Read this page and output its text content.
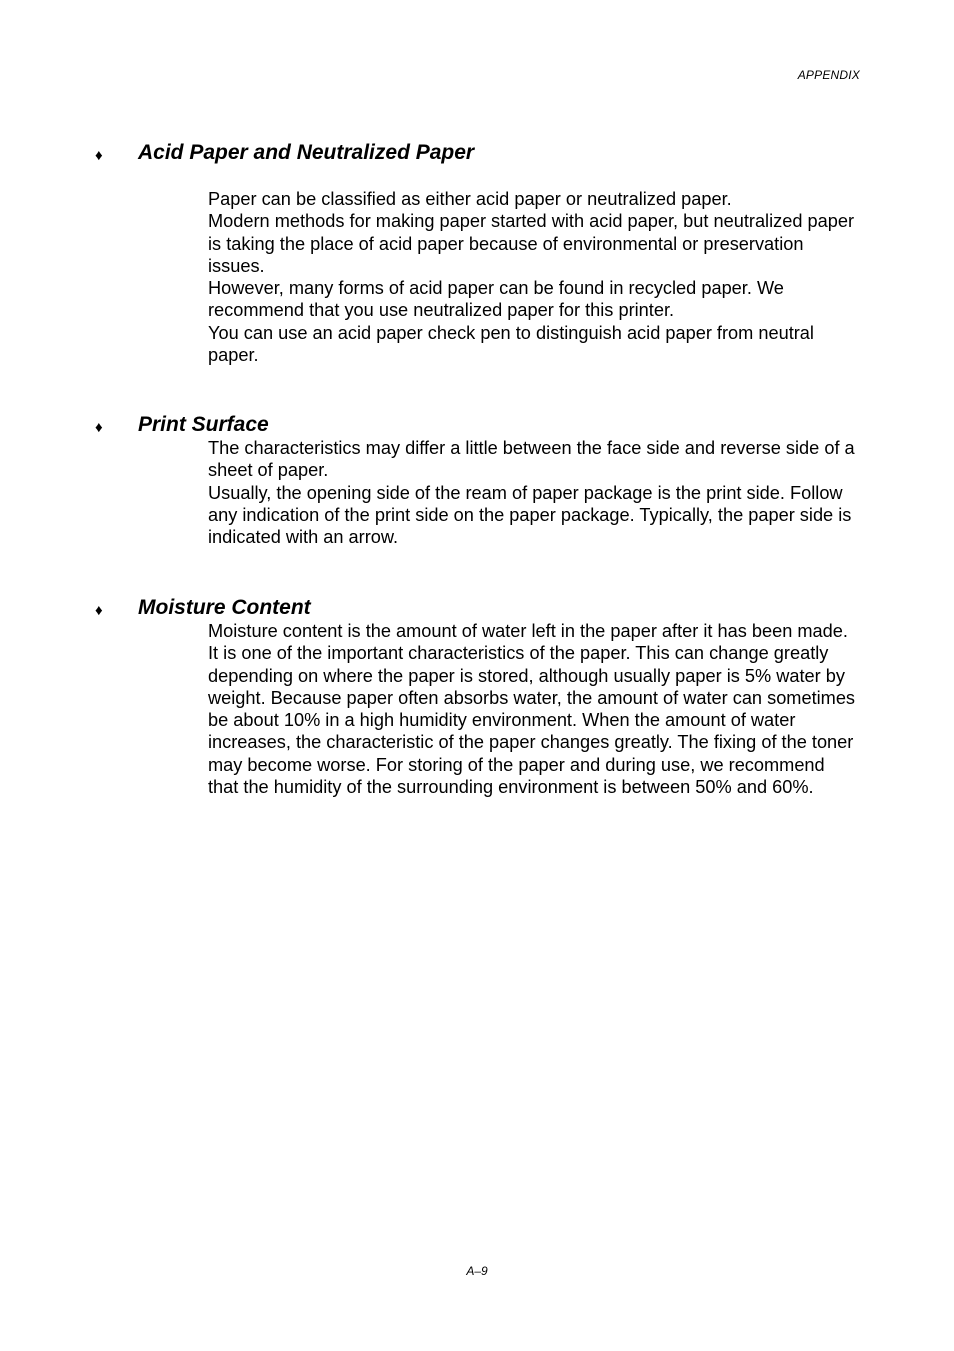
APPENDIX
♦ Acid Paper and Neutralized Paper

Paper can be classified as either acid paper or neutralized paper.

Modern methods for making paper started with acid paper, but neutralized paper is taking the place of acid paper because of environmental or preservation issues.

However, many forms of acid paper can be found in recycled paper. We recommend that you use neutralized paper for this printer.

You can use an acid paper check pen to distinguish acid paper from neutral paper.

♦ Print Surface

The characteristics may differ a little between the face side and reverse side of a sheet of paper.

Usually, the opening side of the ream of paper package is the print side. Follow any indication of the print side on the paper package. Typically, the paper side is indicated with an arrow.

♦ Moisture Content

Moisture content is the amount of water left in the paper after it has been made. It is one of the important characteristics of the paper. This can change greatly depending on where the paper is stored, although usually paper is 5% water by weight. Because paper often absorbs water, the amount of water can sometimes be about 10% in a high humidity environment. When the amount of water increases, the characteristic of the paper changes greatly. The fixing of the toner may become worse. For storing of the paper and during use, we recommend that the humidity of the surrounding environment is between 50% and 60%.

A–9
